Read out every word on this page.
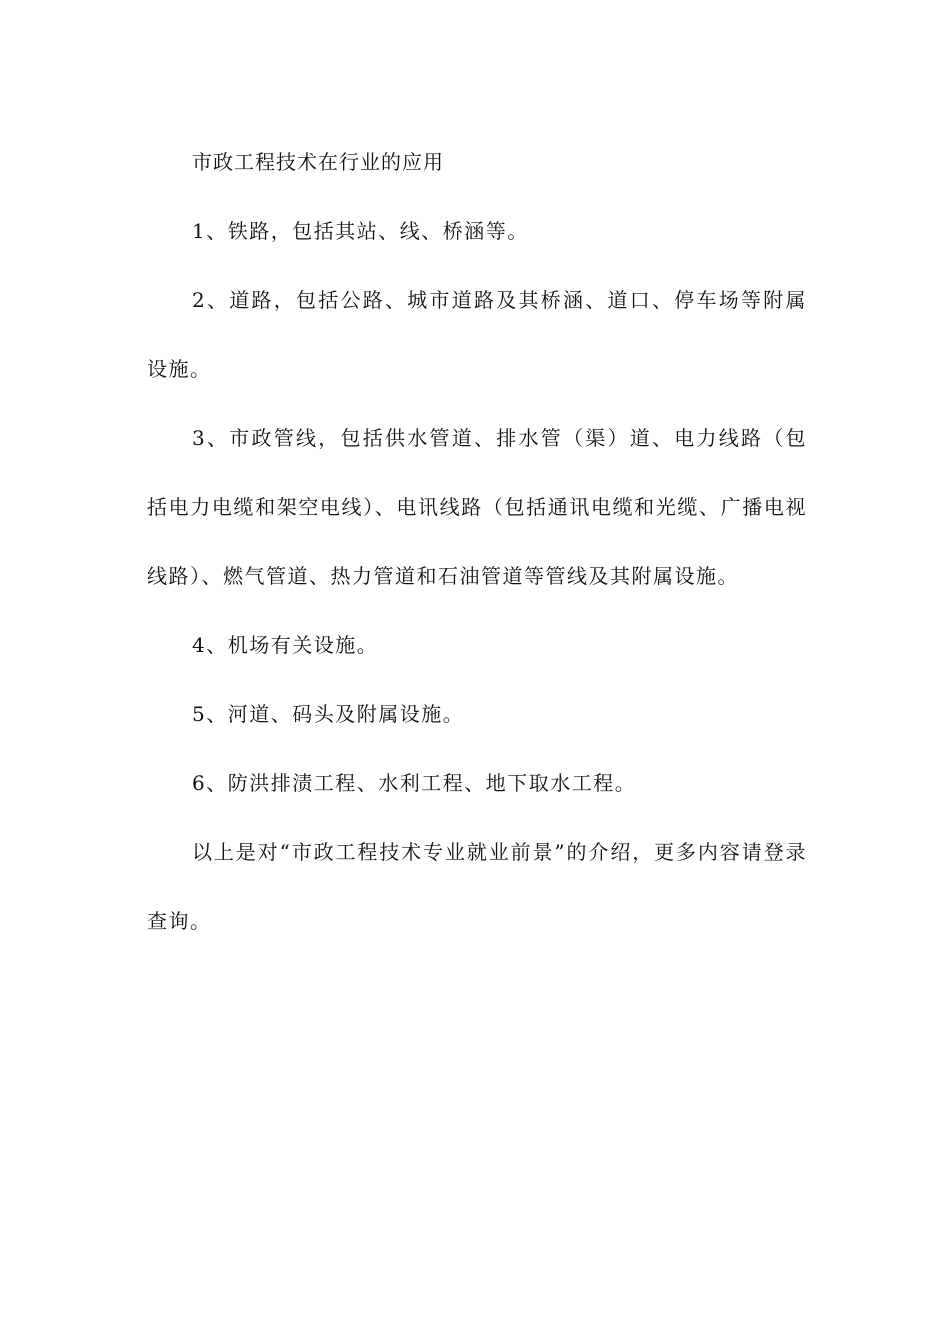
市政工程技术在行业的应用

1、铁路，包括其站、线、桥涵等。

2、道路，包括公路、城市道路及其桥涵、道口、停车场等附属设施。

3、市政管线，包括供水管道、排水管（渠）道、电力线路（包括电力电缆和架空电线）、电讯线路（包括通讯电缆和光缆、广播电视线路）、燃气管道、热力管道和石油管道等管线及其附属设施。

4、机场有关设施。

5、河道、码头及附属设施。

6、防洪排渍工程、水利工程、地下取水工程。

以上是对“市政工程技术专业就业前景”的介绍，更多内容请登录查询。
